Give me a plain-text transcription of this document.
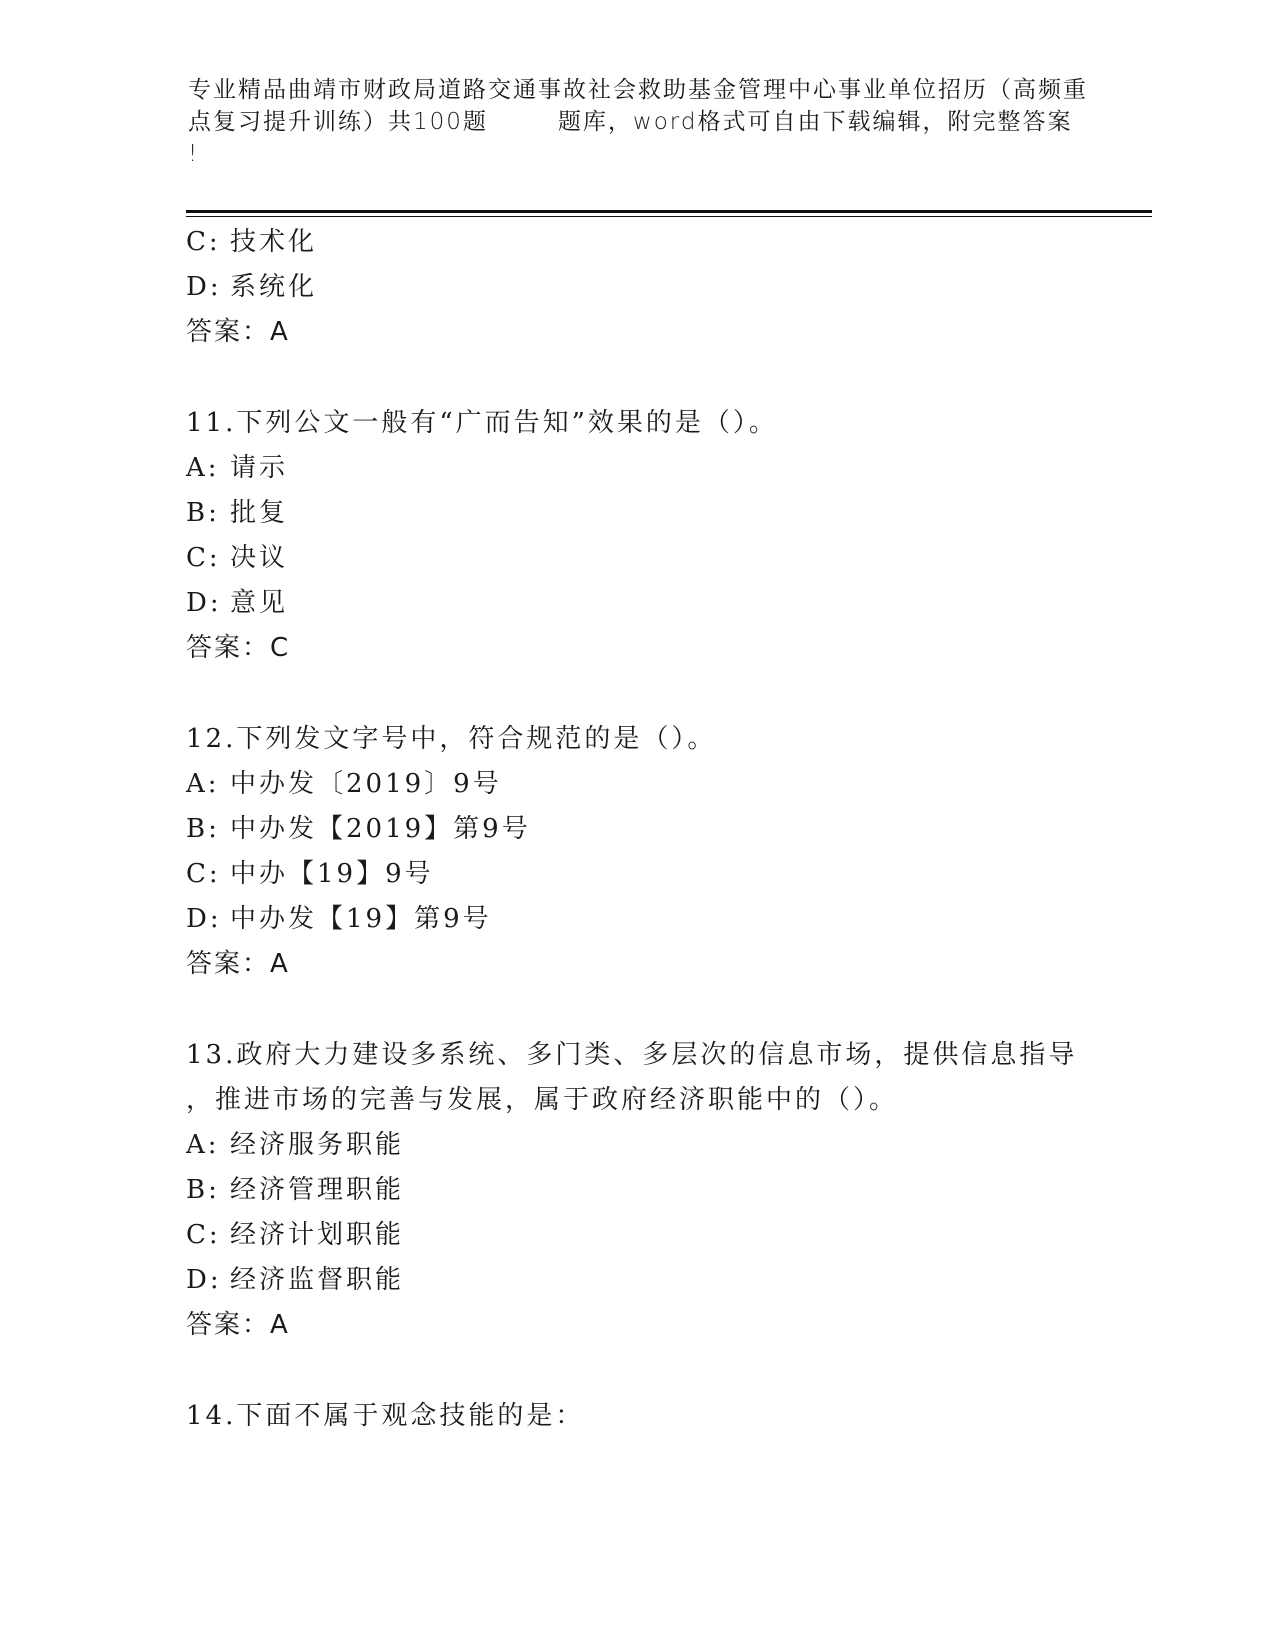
专业精品曲靖市财政局道路交通事故社会救助基金管理中心事业单位招历（高频重
点复习提升训练）共100题	题库，word格式可自由下载编辑，附完整答案
!
C: 技术化
D: 系统化
答案：A
11.下列公文一般有“广而告知”效果的是（）。
A: 请示
B: 批复
C: 决议
D: 意见
答案：C
12.下列发文字号中，符合规范的是（）。
A: 中办发〔2019〕9号
B: 中办发【2019】第9号
C: 中办【19】9号
D: 中办发【19】第9号
答案：A
13.政府大力建设多系统、多门类、多层次的信息市场，提供信息指导
，推进市场的完善与发展，属于政府经济职能中的（）。
A: 经济服务职能
B: 经济管理职能
C: 经济计划职能
D: 经济监督职能
答案：A
14.下面不属于观念技能的是：
